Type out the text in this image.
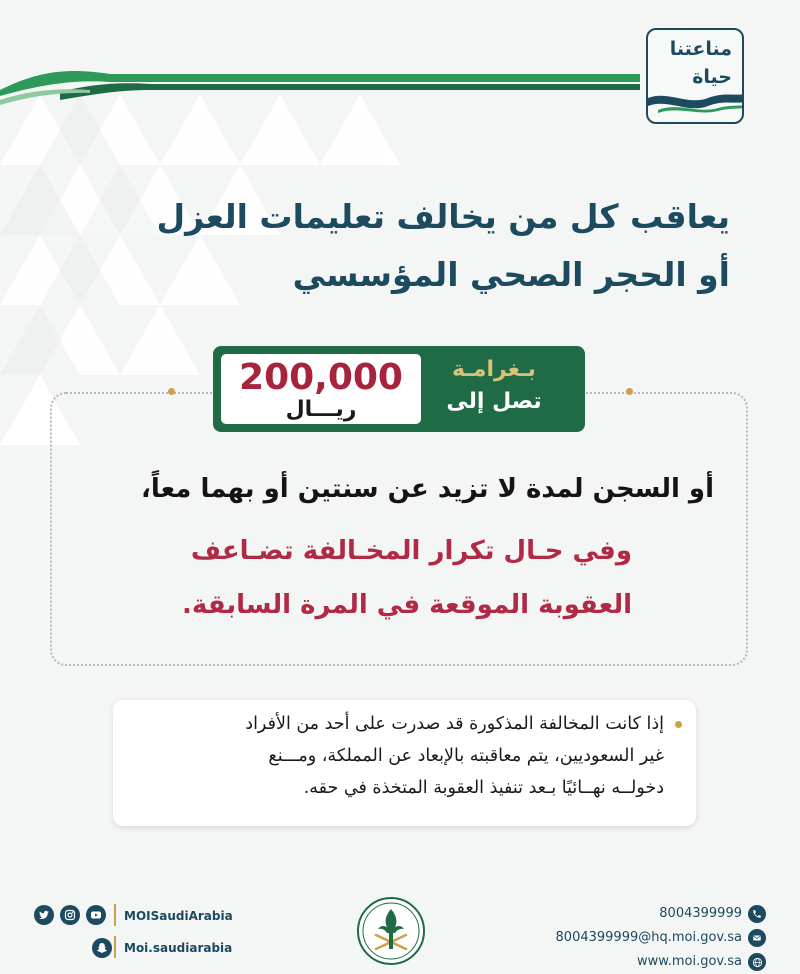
مناعتنا
حياة
يعاقب كل من يخالف تعليمات العزل
أو الحجر الصحي المؤسسي
200,000
ريـــال
بـغرامـة
تصل إلى
أو السجن لمدة لا تزيد عن سنتين أو بهما معاً،
وفي حـال تكرار المخـالفة تضـاعف
العقوبة الموقعة في المرة السابقة.
إذا كانت المخالفة المذكورة قد صدرت على أحد من الأفراد
غير السعوديين، يتم معاقبته بالإبعاد عن المملكة، ومـــنع
دخولــه نهــائيًا بـعد تنفيذ العقوبة المتخذة في حقه.
MOISaudiArabia
Moi.saudiarabia
8004399999
8004399999@hq.moi.gov.sa
www.moi.gov.sa
